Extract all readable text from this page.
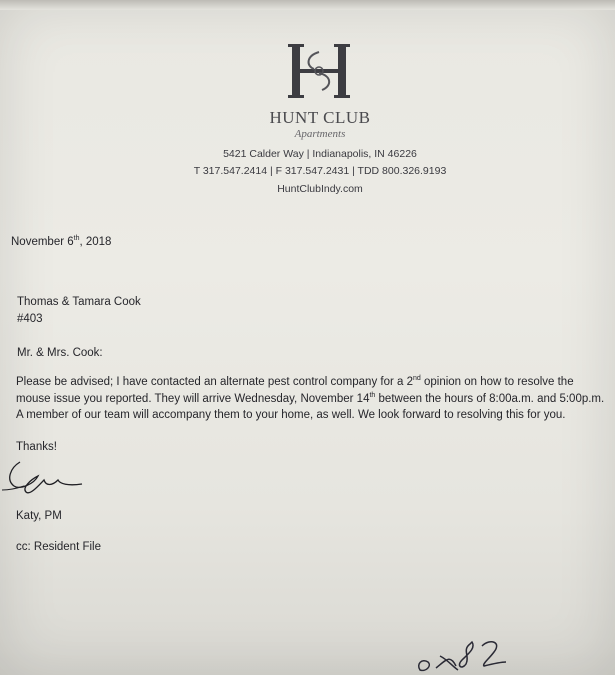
HUNT CLUB
Apartments
5421 Calder Way | Indianapolis, IN 46226
T 317.547.2414 | F 317.547.2431 | TDD 800.326.9193
HuntClubIndy.com
November 6th, 2018
Thomas & Tamara Cook
#403
Mr. & Mrs. Cook:
Please be advised; I have contacted an alternate pest control company for a 2nd opinion on how to resolve the mouse issue you reported. They will arrive Wednesday, November 14th between the hours of 8:00a.m. and 5:00p.m. A member of our team will accompany them to your home, as well. We look forward to resolving this for you.
Thanks!
Katy, PM
cc: Resident File
